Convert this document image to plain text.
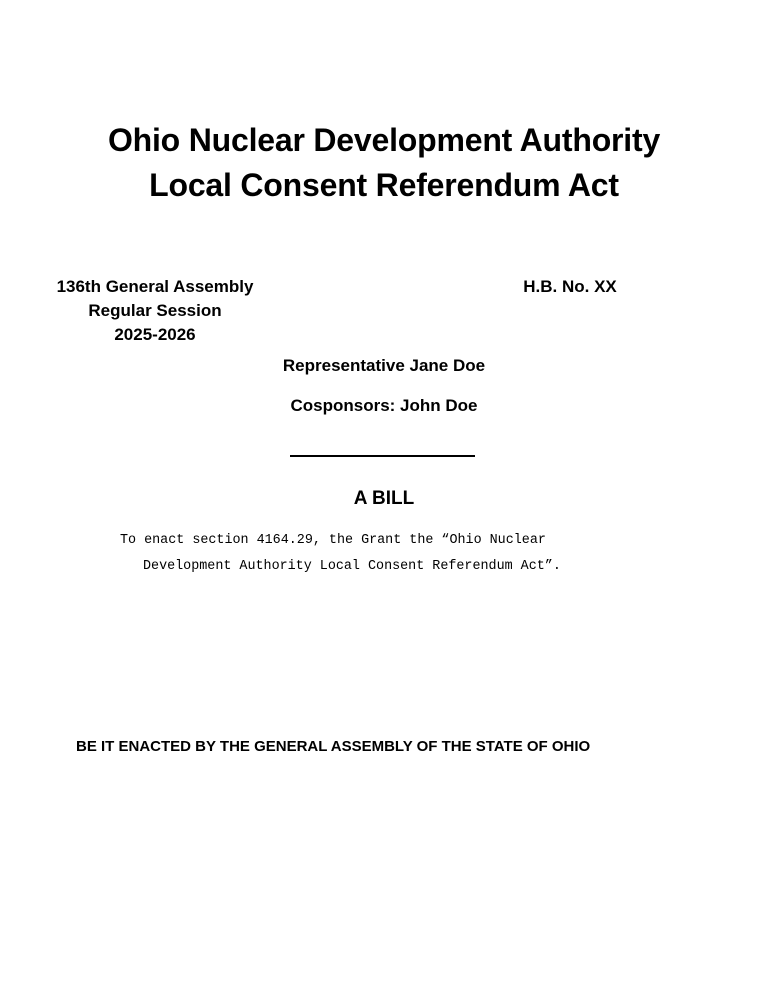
Ohio Nuclear Development Authority
Local Consent Referendum Act
136th General Assembly
Regular Session
2025-2026
H.B. No. XX
Representative Jane Doe
Cosponsors: John Doe
A BILL
To enact section 4164.29, the Grant the “Ohio Nuclear Development Authority Local Consent Referendum Act”.
BE IT ENACTED BY THE GENERAL ASSEMBLY OF THE STATE OF OHIO
